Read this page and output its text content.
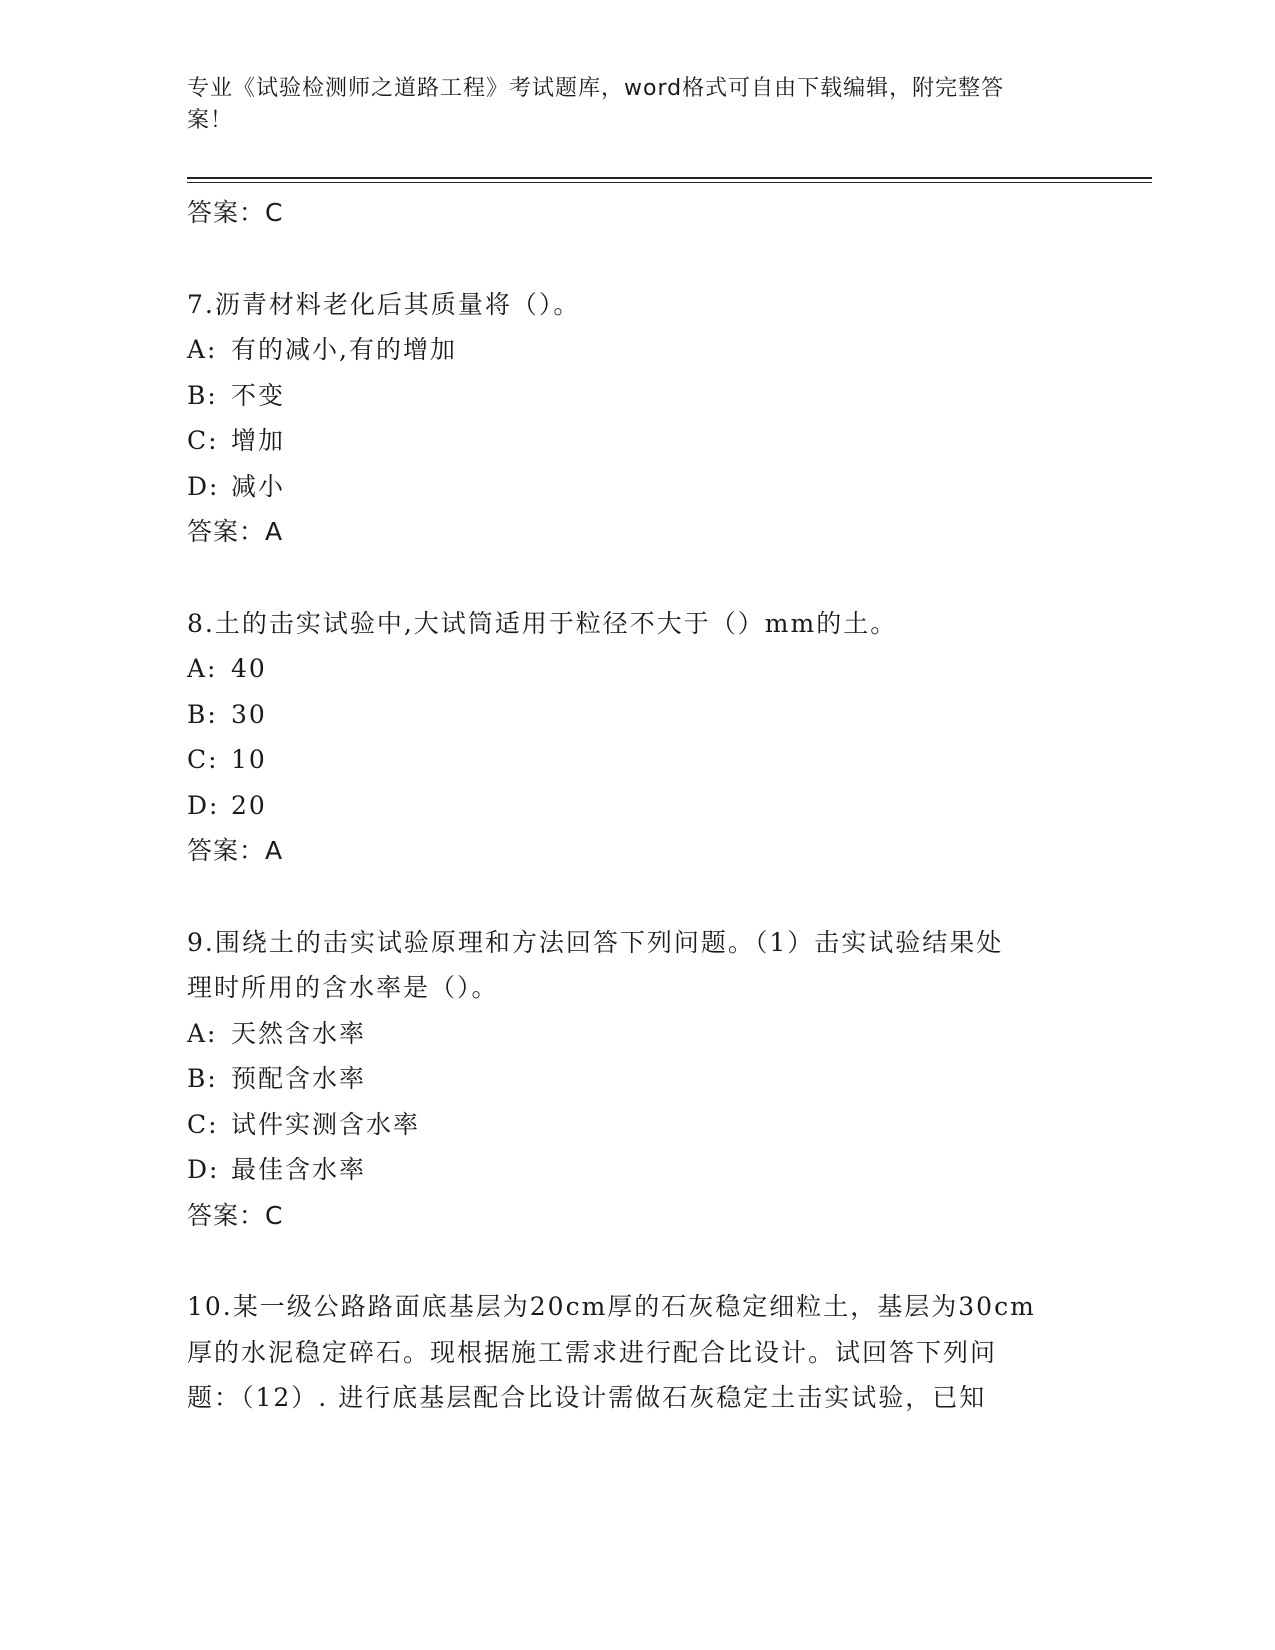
专业《试验检测师之道路工程》考试题库，word格式可自由下载编辑，附完整答
案！
答案：C
7.沥青材料老化后其质量将（）。
A: 有的减小,有的增加
B: 不变
C: 增加
D: 减小
答案：A
8.土的击实试验中,大试筒适用于粒径不大于（）mm的土。
A: 40
B: 30
C: 10
D: 20
答案：A
9.围绕土的击实试验原理和方法回答下列问题。（1）击实试验结果处
理时所用的含水率是（）。
A: 天然含水率
B: 预配含水率
C: 试件实测含水率
D: 最佳含水率
答案：C
10.某一级公路路面底基层为20cm厚的石灰稳定细粒土，基层为30cm
厚的水泥稳定碎石。现根据施工需求进行配合比设计。试回答下列问
题：（12）. 进行底基层配合比设计需做石灰稳定土击实试验，已知
